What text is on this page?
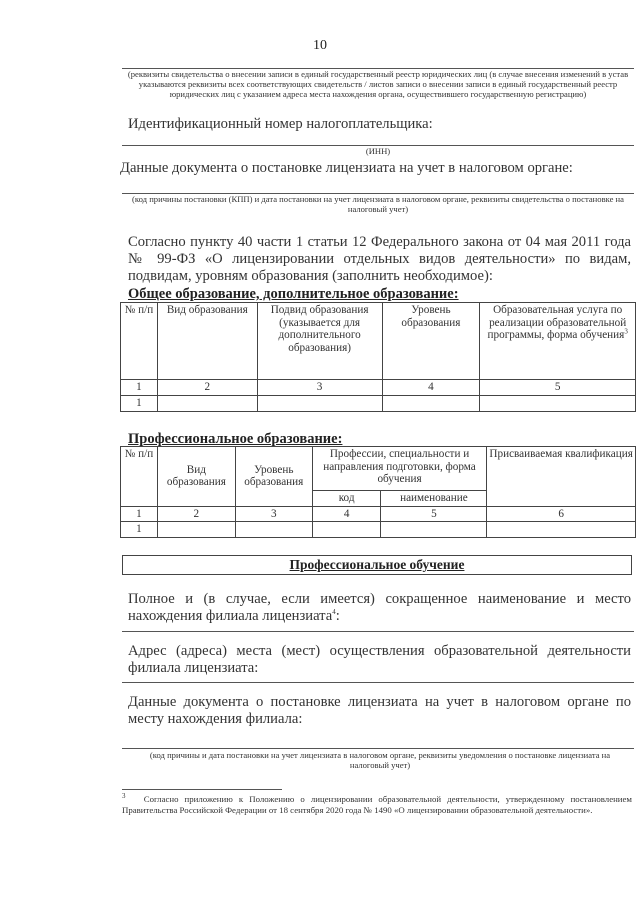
10
(реквизиты свидетельства о внесении записи в единый государственный реестр юридических лиц (в случае внесения изменений в устав указываются реквизиты всех соответствующих свидетельств / листов записи о внесении записи в единый государственный реестр юридических лиц с указанием адреса места нахождения органа, осуществившего государственную регистрацию)
Идентификационный номер налогоплательщика:
(ИНН)
Данные документа о постановке лицензиата на учет в налоговом органе:
(код причины постановки (КПП) и дата постановки на учет лицензиата в налоговом органе, реквизиты свидетельства о постановке на налоговый учет)
Согласно пункту 40 части 1 статьи 12 Федерального закона от 04 мая 2011 года № 99-ФЗ «О лицензировании отдельных видов деятельности» по видам, подвидам, уровням образования (заполнить необходимое):
Общее образование, дополнительное образование:
№ п/п	Вид образования	Подвид образования (указывается для дополнительного образования)	Уровень образования	Образовательная услуга по реализации образовательной программы, форма обучения$^3$
1	2	3	4	5
1				
Профессиональное образование:
№ п/п	Вид образования	Уровень образования	Профессии, специальности и направления подготовки, форма обучения		Присваиваемая квалификация
			код	наименование	
1	2	3	4	5	6
1					
Профессиональное обучение
Полное и (в случае, если имеется) сокращенное наименование и место нахождения филиала лицензиата$^4$:
Адрес (адреса) места (мест) осуществления образовательной деятельности филиала лицензиата:
Данные документа о постановке лицензиата на учет в налоговом органе по месту нахождения филиала:
(код причины и дата постановки на учет лицензиата в налоговом органе, реквизиты уведомления о постановке лицензиата на налоговый учет)
$^3$ Согласно приложению к Положению о лицензировании образовательной деятельности, утвержденному постановлением Правительства Российской Федерации от 18 сентября 2020 года № 1490 «О лицензировании образовательной деятельности».
